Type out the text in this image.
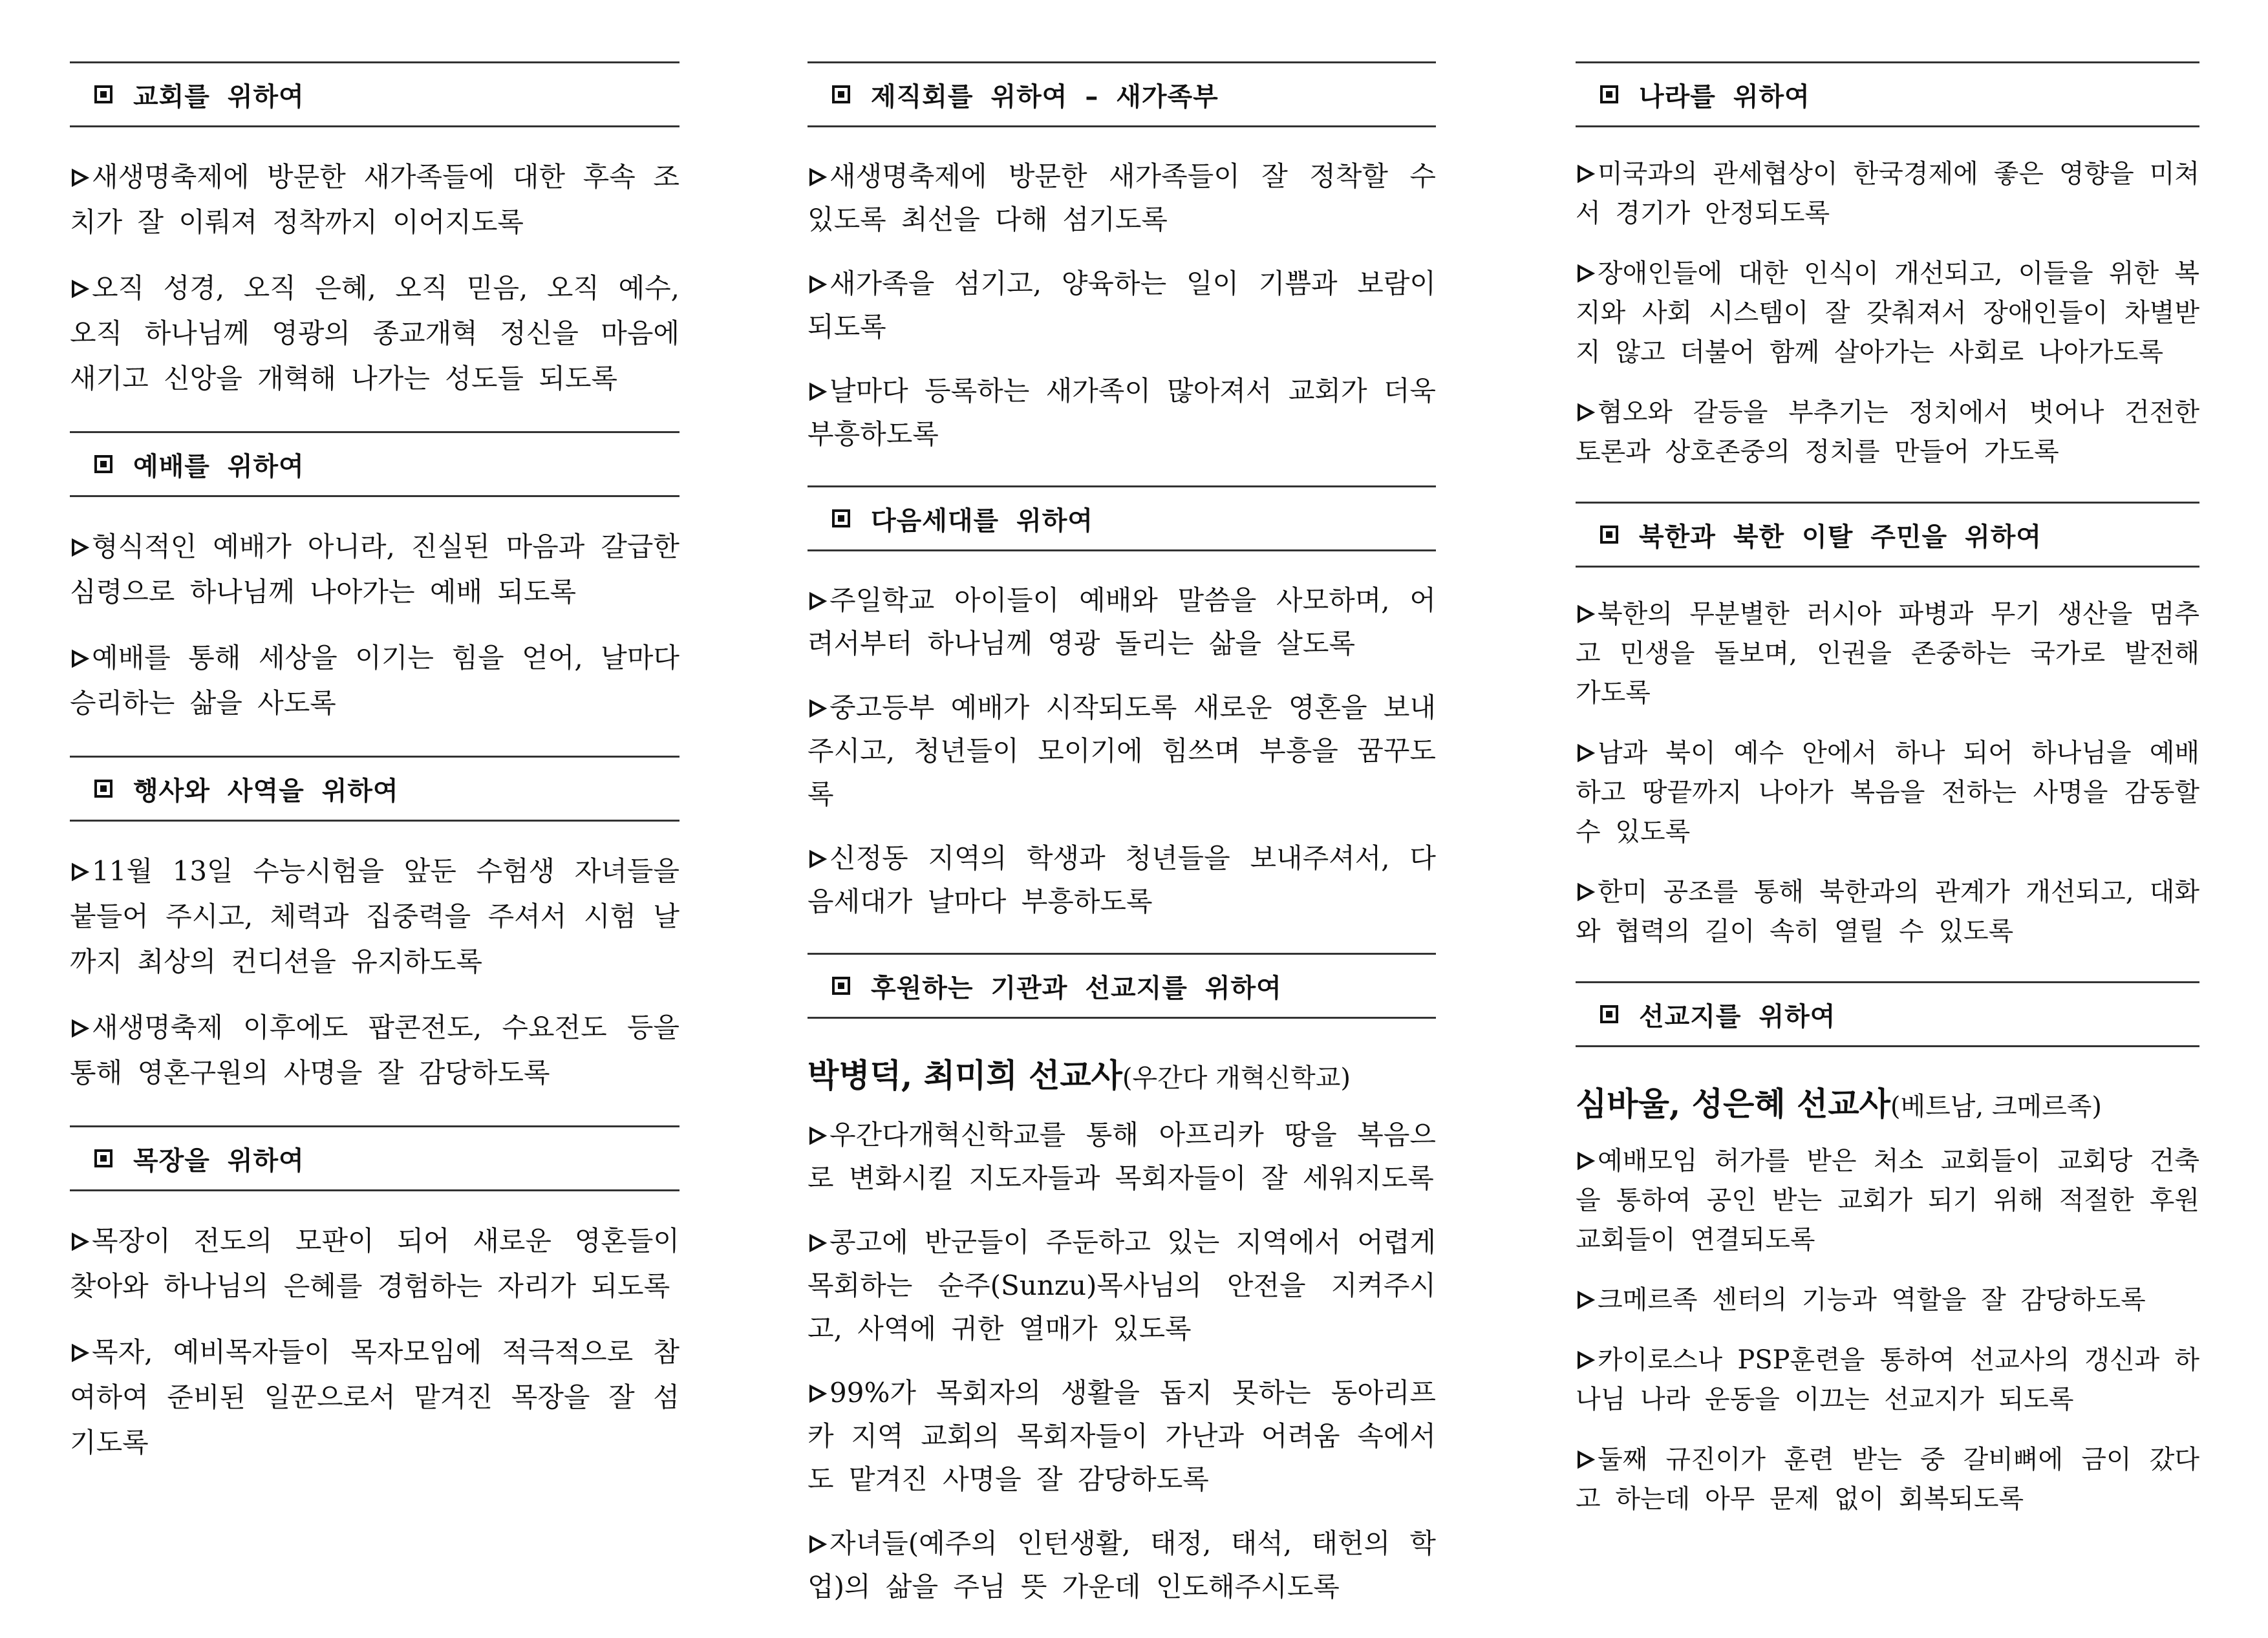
교회를 위하여

새생명축제에 방문한 새가족들에 대한 후속 조치가 잘 이뤄져 정착까지 이어지도록

오직 성경, 오직 은혜, 오직 믿음, 오직 예수, 오직 하나님께 영광의 종교개혁 정신을 마음에 새기고 신앙을 개혁해 나가는 성도들 되도록

예배를 위하여

형식적인 예배가 아니라, 진실된 마음과 갈급한 심령으로 하나님께 나아가는 예배 되도록

예배를 통해 세상을 이기는 힘을 얻어, 날마다 승리하는 삶을 사도록

행사와 사역을 위하여

11월 13일 수능시험을 앞둔 수험생 자녀들을 붙들어 주시고, 체력과 집중력을 주셔서 시험 날까지 최상의 컨디션을 유지하도록

새생명축제 이후에도 팝콘전도, 수요전도 등을 통해 영혼구원의 사명을 잘 감당하도록

목장을 위하여

목장이 전도의 모판이 되어 새로운 영혼들이 찾아와 하나님의 은혜를 경험하는 자리가 되도록

목자, 예비목자들이 목자모임에 적극적으로 참여하여 준비된 일꾼으로서 맡겨진 목장을 잘 섬기도록

제직회를 위하여 – 새가족부

새생명축제에 방문한 새가족들이 잘 정착할 수 있도록 최선을 다해 섬기도록

새가족을 섬기고, 양육하는 일이 기쁨과 보람이 되도록

날마다 등록하는 새가족이 많아져서 교회가 더욱 부흥하도록

다음세대를 위하여

주일학교 아이들이 예배와 말씀을 사모하며, 어려서부터 하나님께 영광 돌리는 삶을 살도록

중고등부 예배가 시작되도록 새로운 영혼을 보내주시고, 청년들이 모이기에 힘쓰며 부흥을 꿈꾸도록

신정동 지역의 학생과 청년들을 보내주셔서, 다음세대가 날마다 부흥하도록

후원하는 기관과 선교지를 위하여
박병덕, 최미희 선교사(우간다 개혁신학교)

우간다개혁신학교를 통해 아프리카 땅을 복음으로 변화시킬 지도자들과 목회자들이 잘 세워지도록

콩고에 반군들이 주둔하고 있는 지역에서 어렵게 목회하는 순주(Sunzu)목사님의 안전을 지켜주시고, 사역에 귀한 열매가 있도록

99%가 목회자의 생활을 돕지 못하는 동아리프카 지역 교회의 목회자들이 가난과 어려움 속에서도 맡겨진 사명을 잘 감당하도록

자녀들(예주의 인턴생활, 태정, 태석, 태헌의 학업)의 삶을 주님 뜻 가운데 인도해주시도록

나라를 위하여

미국과의 관세협상이 한국경제에 좋은 영향을 미쳐서 경기가 안정되도록

장애인들에 대한 인식이 개선되고, 이들을 위한 복지와 사회 시스템이 잘 갖춰져서 장애인들이 차별받지 않고 더불어 함께 살아가는 사회로 나아가도록

혐오와 갈등을 부추기는 정치에서 벗어나 건전한 토론과 상호존중의 정치를 만들어 가도록

북한과 북한 이탈 주민을 위하여

북한의 무분별한 러시아 파병과 무기 생산을 멈추고 민생을 돌보며, 인권을 존중하는 국가로 발전해 가도록

남과 북이 예수 안에서 하나 되어 하나님을 예배하고 땅끝까지 나아가 복음을 전하는 사명을 감동할 수 있도록

한미 공조를 통해 북한과의 관계가 개선되고, 대화와 협력의 길이 속히 열릴 수 있도록

선교지를 위하여
심바울, 성은혜 선교사(베트남, 크메르족)

예배모임 허가를 받은 처소 교회들이 교회당 건축을 통하여 공인 받는 교회가 되기 위해 적절한 후원 교회들이 연결되도록

크메르족 센터의 기능과 역할을 잘 감당하도록

카이로스나 PSP훈련을 통하여 선교사의 갱신과 하나님 나라 운동을 이끄는 선교지가 되도록

둘째 규진이가 훈련 받는 중 갈비뼈에 금이 갔다고 하는데 아무 문제 없이 회복되도록
